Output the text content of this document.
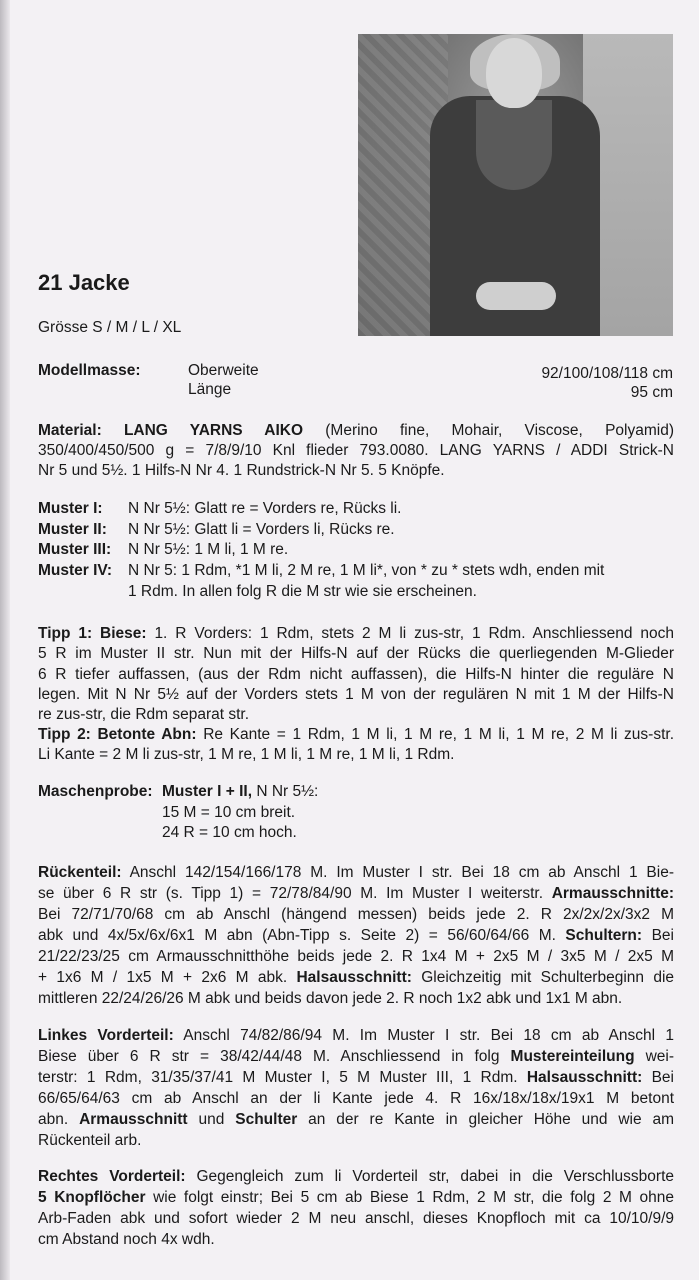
21 Jacke
Grösse S / M / L / XL
Modellmasse:	Oberweite
Länge
92/100/108/118 cm
95 cm
Material: LANG YARNS AIKO (Merino fine, Mohair, Viscose, Polyamid)
350/400/450/500 g = 7/8/9/10 Knl flieder 793.0080. LANG YARNS / ADDI Strick-N
Nr 5 und 5½. 1 Hilfs-N Nr 4. 1 Rundstrick-N Nr 5. 5 Knöpfe.
Muster I: N Nr 5½: Glatt re = Vorders re, Rücks li.
Muster II: N Nr 5½: Glatt li = Vorders li, Rücks re.
Muster III: N Nr 5½: 1 M li, 1 M re.
Muster IV: N Nr 5: 1 Rdm, *1 M li, 2 M re, 1 M li*, von * zu * stets wdh, enden mit
1 Rdm. In allen folg R die M str wie sie erscheinen.
Tipp 1: Biese: 1. R Vorders: 1 Rdm, stets 2 M li zus-str, 1 Rdm. Anschliessend noch
5 R im Muster II str. Nun mit der Hilfs-N auf der Rücks die querliegenden M-Glieder
6 R tiefer auffassen, (aus der Rdm nicht auffassen), die Hilfs-N hinter die reguläre N
legen. Mit N Nr 5½ auf der Vorders stets 1 M von der regulären N mit 1 M der Hilfs-N
re zus-str, die Rdm separat str.
Tipp 2: Betonte Abn: Re Kante = 1 Rdm, 1 M li, 1 M re, 1 M li, 1 M re, 2 M li zus-str.
Li Kante = 2 M li zus-str, 1 M re, 1 M li, 1 M re, 1 M li, 1 Rdm.
Maschenprobe: Muster I + II, N Nr 5½:
15 M = 10 cm breit.
24 R = 10 cm hoch.
Rückenteil: Anschl 142/154/166/178 M. Im Muster I str. Bei 18 cm ab Anschl 1 Bie-
se über 6 R str (s. Tipp 1) = 72/78/84/90 M. Im Muster I weiterstr. Armausschnitte:
Bei 72/71/70/68 cm ab Anschl (hängend messen) beids jede 2. R 2x/2x/2x/3x2 M
abk und 4x/5x/6x/6x1 M abn (Abn-Tipp s. Seite 2) = 56/60/64/66 M. Schultern: Bei
21/22/23/25 cm Armausschnitthöhe beids jede 2. R 1x4 M + 2x5 M / 3x5 M / 2x5 M
+ 1x6 M / 1x5 M + 2x6 M abk. Halsausschnitt: Gleichzeitig mit Schulterbeginn die
mittleren 22/24/26/26 M abk und beids davon jede 2. R noch 1x2 abk und 1x1 M abn.
Linkes Vorderteil: Anschl 74/82/86/94 M. Im Muster I str. Bei 18 cm ab Anschl 1
Biese über 6 R str = 38/42/44/48 M. Anschliessend in folg Mustereinteilung wei-
terstr: 1 Rdm, 31/35/37/41 M Muster I, 5 M Muster III, 1 Rdm. Halsausschnitt: Bei
66/65/64/63 cm ab Anschl an der li Kante jede 4. R 16x/18x/18x/19x1 M betont
abn. Armausschnitt und Schulter an der re Kante in gleicher Höhe und wie am
Rückenteil arb.
Rechtes Vorderteil: Gegengleich zum li Vorderteil str, dabei in die Verschlussborte
5 Knopflöcher wie folgt einstr; Bei 5 cm ab Biese 1 Rdm, 2 M str, die folg 2 M ohne
Arb-Faden abk und sofort wieder 2 M neu anschl, dieses Knopfloch mit ca 10/10/9/9
cm Abstand noch 4x wdh.
